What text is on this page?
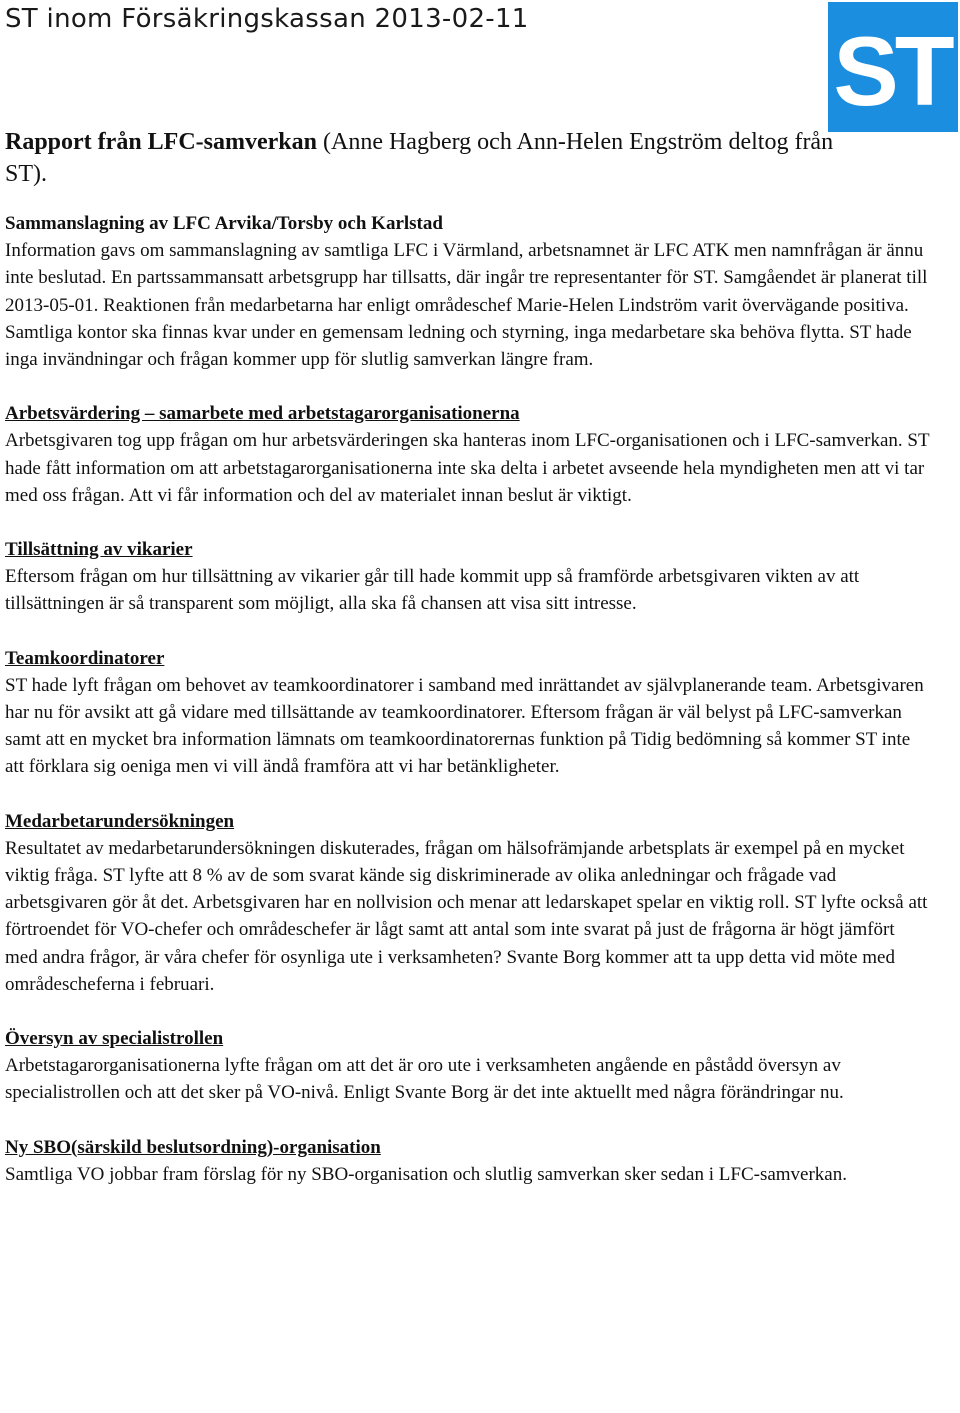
ST inom Försäkringskassan 2013-02-11	ST
Rapport från LFC-samverkan (Anne Hagberg och Ann-Helen Engström deltog från ST).
Sammanslagning av LFC Arvika/Torsby och Karlstad

Information gavs om sammanslagning av samtliga LFC i Värmland, arbetsnamnet är LFC ATK men namnfrågan är ännu inte beslutad. En partssammansatt arbetsgrupp har tillsatts, där ingår tre representanter för ST. Samgåendet är planerat till 2013-05-01. Reaktionen från medarbetarna har enligt områdeschef Marie-Helen Lindström varit övervägande positiva. Samtliga kontor ska finnas kvar under en gemensam ledning och styrning, inga medarbetare ska behöva flytta. ST hade inga invändningar och frågan kommer upp för slutlig samverkan längre fram.

Arbetsvärdering – samarbete med arbetstagarorganisationerna

Arbetsgivaren tog upp frågan om hur arbetsvärderingen ska hanteras inom LFC-organisationen och i LFC-samverkan. ST hade fått information om att arbetstagarorganisationerna inte ska delta i arbetet avseende hela myndigheten men att vi tar med oss frågan. Att vi får information och del av materialet innan beslut är viktigt.

Tillsättning av vikarier

Eftersom frågan om hur tillsättning av vikarier går till hade kommit upp så framförde arbetsgivaren vikten av att tillsättningen är så transparent som möjligt, alla ska få chansen att visa sitt intresse.

Teamkoordinatorer

ST hade lyft frågan om behovet av teamkoordinatorer i samband med inrättandet av självplanerande team. Arbetsgivaren har nu för avsikt att gå vidare med tillsättande av teamkoordinatorer. Eftersom frågan är väl belyst på LFC-samverkan samt att en mycket bra information lämnats om teamkoordinatorernas funktion på Tidig bedömning så kommer ST inte att förklara sig oeniga men vi vill ändå framföra att vi har betänkligheter.

Medarbetarundersökningen

Resultatet av medarbetarundersökningen diskuterades, frågan om hälsofrämjande arbetsplats är exempel på en mycket viktig fråga. ST lyfte att 8 % av de som svarat kände sig diskriminerade av olika anledningar och frågade vad arbetsgivaren gör åt det. Arbetsgivaren har en nollvision och menar att ledarskapet spelar en viktig roll. ST lyfte också att förtroendet för VO-chefer och områdeschefer är lågt samt att antal som inte svarat på just de frågorna är högt jämfört med andra frågor, är våra chefer för osynliga ute i verksamheten? Svante Borg kommer att ta upp detta vid möte med områdescheferna i februari.

Översyn av specialistrollen

Arbetstagarorganisationerna lyfte frågan om att det är oro ute i verksamheten angående en påstådd översyn av specialistrollen och att det sker på VO-nivå. Enligt Svante Borg är det inte aktuellt med några förändringar nu.

Ny SBO(särskild beslutsordning)-organisation

Samtliga VO jobbar fram förslag för ny SBO-organisation och slutlig samverkan sker sedan i LFC-samverkan.
